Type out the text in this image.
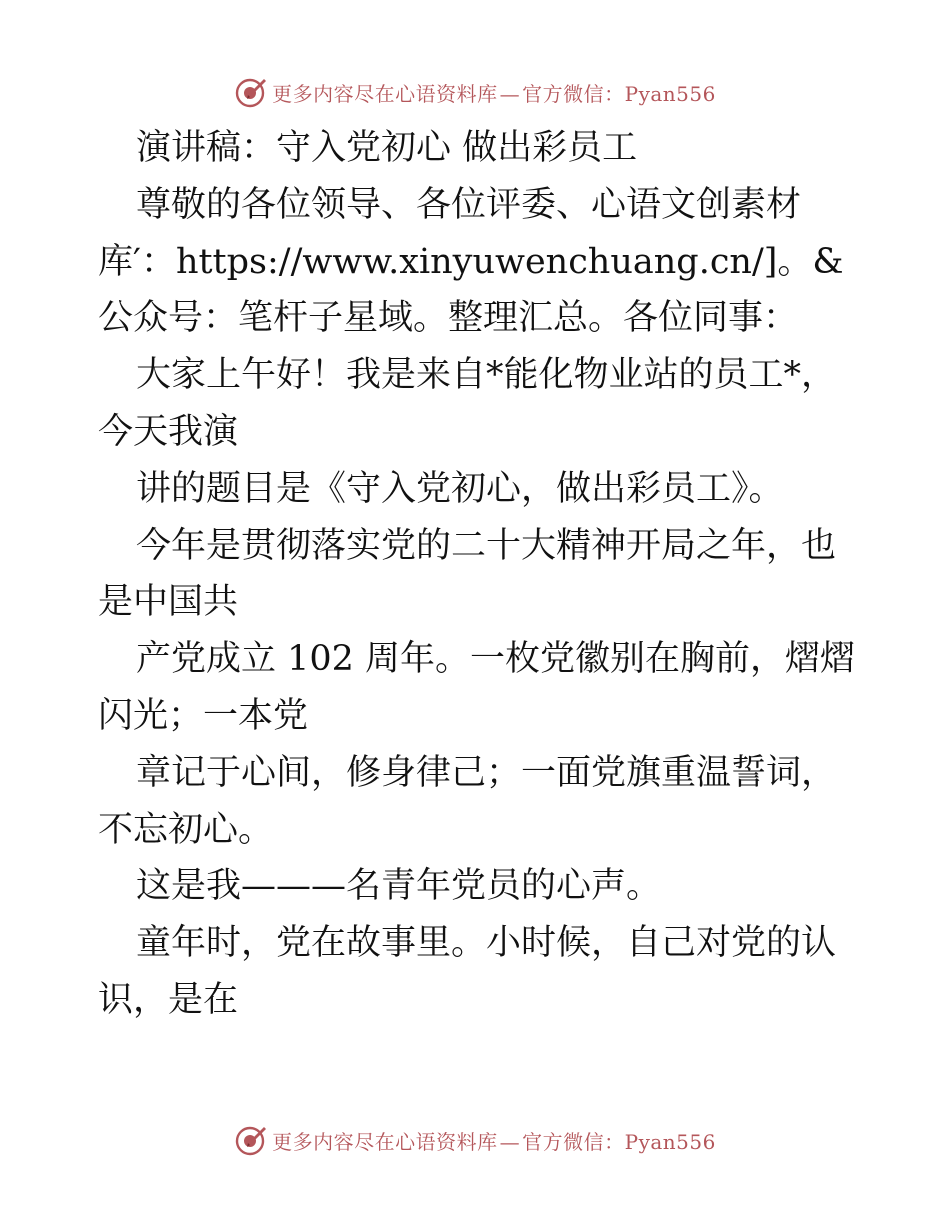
更多内容尽在心语资料库 — 官方微信：Pyan556

演讲稿：守入党初心 做出彩员工

尊敬的各位领导、各位评委、心语文创素材库′：https://www.xinyuwenchuang.cn/]。&公众号：笔杆子星域。整理汇总。各位同事：

大家上午好！我是来自*能化物业站的员工*，今天我演

讲的题目是《守入党初心，做出彩员工》。

今年是贯彻落实党的二十大精神开局之年，也是中国共

产党成立 102 周年。一枚党徽别在胸前，熠熠闪光；一本党

章记于心间，修身律己；一面党旗重温誓词，不忘初心。

这是我———名青年党员的心声。

童年时，党在故事里。小时候，自己对党的认识，是在

更多内容尽在心语资料库 — 官方微信：Pyan556
